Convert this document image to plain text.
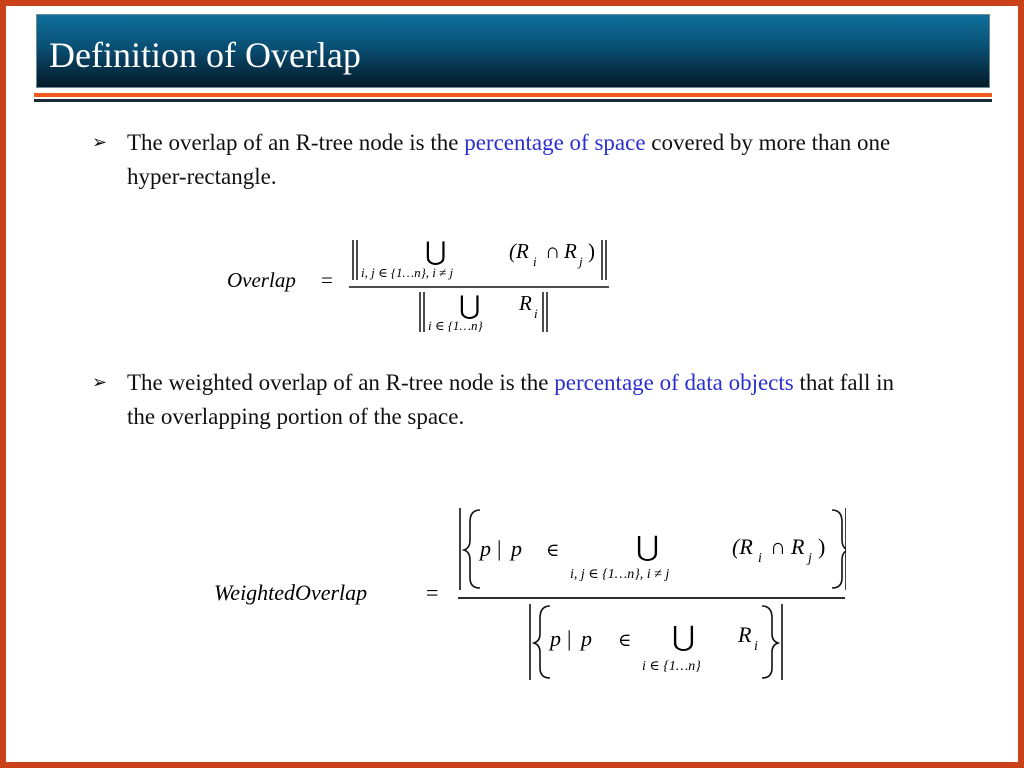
Definition of Overlap
➢ The overlap of an R-tree node is the percentage of space covered by more than one hyper-rectangle.
Overlap =
⋃
i, j ∈ {1…n}, i ≠ j
(R i ∩ R j )
⋃
i ∈ {1…n}
R i
➢ The weighted overlap of an R-tree node is the percentage of data objects that fall in the overlapping portion of the space.
WeightedOverlap	=
p | p ∈	⋃
i, j ∈ {1…n}, i ≠ j
(R i ∩ R j )
p | p ∈ ⋃
i ∈ {1…n}
R i
